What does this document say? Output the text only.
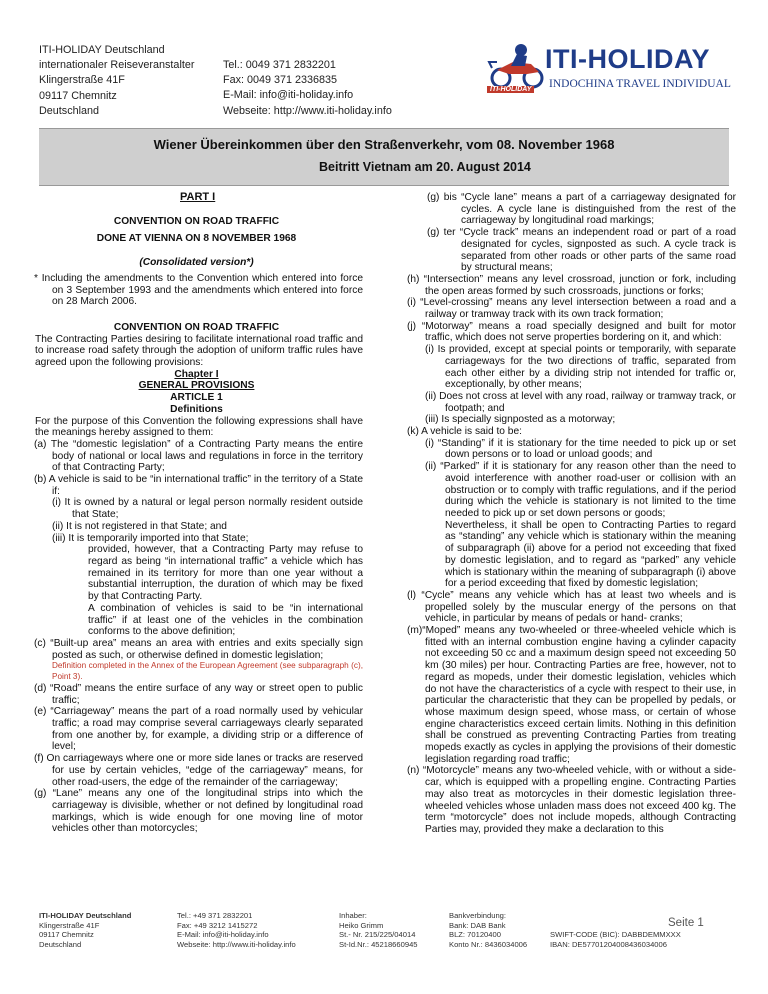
ITI-HOLIDAY Deutschland
internationaler Reiseveranstalter
Klingerstraße 41F
09117 Chemnitz
Deutschland
Tel.: 0049 371 2832201
Fax: 0049 371 2336835
E-Mail: info@iti-holiday.info
Webseite: http://www.iti-holiday.info
ITI-HOLIDAY
ITI-HOLIDAY INDOCHINA TRAVEL INDIVIDUAL
Wiener Übereinkommen über den Straßenverkehr, vom 08. November 1968
Beitritt Vietnam am 20. August 2014

PART I

CONVENTION ON ROAD TRAFFIC

DONE AT VIENNA ON 8 NOVEMBER 1968

(Consolidated version*)

* Including the amendments to the Convention which entered into force on 3 September 1993 and the amendments which entered into force on 28 March 2006.

CONVENTION ON ROAD TRAFFIC

The Contracting Parties desiring to facilitate international road traffic and to increase road safety through the adoption of uniform traffic rules have agreed upon the following provisions:

Chapter I

GENERAL PROVISIONS

ARTICLE 1

Definitions

For the purpose of this Convention the following expressions shall have the meanings hereby assigned to them:

(a) The “domestic legislation” of a Contracting Party means the entire body of national or local laws and regulations in force in the territory of that Contracting Party;

(b) A vehicle is said to be “in international traffic” in the territory of a State if:

(i) It is owned by a natural or legal person normally resident outside that State;

(ii) It is not registered in that State; and

(iii) It is temporarily imported into that State;

provided, however, that a Contracting Party may refuse to regard as being “in international traffic” a vehicle which has remained in its territory for more than one year without a substantial interruption, the duration of which may be fixed by that Contracting Party.

A combination of vehicles is said to be “in international traffic” if at least one of the vehicles in the combination conforms to the above definition;

(c) “Built-up area” means an area with entries and exits specially sign posted as such, or otherwise defined in domestic legislation;

Definition completed in the Annex of the European Agreement (see subparagraph (c), Point 3).

(d) “Road” means the entire surface of any way or street open to public traffic;

(e) “Carriageway” means the part of a road normally used by vehicular traffic; a road may comprise several carriageways clearly separated from one another by, for example, a dividing strip or a difference of level;

(f) On carriageways where one or more side lanes or tracks are reserved for use by certain vehicles, “edge of the carriageway” means, for other road-users, the edge of the remainder of the carriageway;

(g) “Lane” means any one of the longitudinal strips into which the carriageway is divisible, whether or not defined by longitudinal road markings, which is wide enough for one moving line of motor vehicles other than motorcycles;

(g) bis “Cycle lane” means a part of a carriageway designated for cycles. A cycle lane is distinguished from the rest of the carriageway by longitudinal road markings;

(g) ter “Cycle track” means an independent road or part of a road designated for cycles, signposted as such. A cycle track is separated from other roads or other parts of the same road by structural means;

(h) “Intersection” means any level crossroad, junction or fork, including the open areas formed by such crossroads, junctions or forks;

(i) “Level-crossing” means any level intersection between a road and a railway or tramway track with its own track formation;

(j) “Motorway” means a road specially designed and built for motor traffic, which does not serve properties bordering on it, and which:

(i) Is provided, except at special points or temporarily, with separate carriageways for the two directions of traffic, separated from each other either by a dividing strip not intended for traffic or, exceptionally, by other means;

(ii) Does not cross at level with any road, railway or tramway track, or footpath; and

(iii) Is specially signposted as a motorway;

(k) A vehicle is said to be:

(i) “Standing” if it is stationary for the time needed to pick up or set down persons or to load or unload goods; and

(ii) “Parked” if it is stationary for any reason other than the need to avoid interference with another road-user or collision with an obstruction or to comply with traffic regulations, and if the period during which the vehicle is stationary is not limited to the time needed to pick up or set down persons or goods;

Nevertheless, it shall be open to Contracting Parties to regard as “standing” any vehicle which is stationary within the meaning of subparagraph (ii) above for a period not exceeding that fixed by domestic legislation, and to regard as “parked” any vehicle which is stationary within the meaning of subparagraph (i) above for a period exceeding that fixed by domestic legislation;

(l) “Cycle” means any vehicle which has at least two wheels and is propelled solely by the muscular energy of the persons on that vehicle, in particular by means of pedals or hand- cranks;

(m)“Moped” means any two-wheeled or three-wheeled vehicle which is fitted with an internal combustion engine having a cylinder capacity not exceeding 50 cc and a maximum design speed not exceeding 50 km (30 miles) per hour. Contracting Parties are free, however, not to regard as mopeds, under their domestic legislation, vehicles which do not have the characteristics of a cycle with respect to their use, in particular the characteristic that they can be propelled by pedals, or whose maximum design speed, whose mass, or certain of whose engine characteristics exceed certain limits. Nothing in this definition shall be construed as preventing Contracting Parties from treating mopeds exactly as cycles in applying the provisions of their domestic legislation regarding road traffic;

(n) “Motorcycle” means any two-wheeled vehicle, with or without a side-car, which is equipped with a propelling engine. Contracting Parties may also treat as motorcycles in their domestic legislation three-wheeled vehicles whose unladen mass does not exceed 400 kg. The term “motorcycle” does not include mopeds, although Contracting Parties may, provided they make a declaration to this

ITI-HOLIDAY Deutschland
Klingerstraße 41F
09117 Chemnitz
Deutschland
Tel.: +49 371 2832201
Fax: +49 3212 1415272
E-Mail: info@iti-holiday.info
Webseite: http://www.iti-holiday.info
Inhaber:
Heiko Grimm
St.- Nr. 215/225/04014
St-Id.Nr.: 45218660945
Bankverbindung:
Bank: DAB Bank
BLZ: 70120400
Konto Nr.: 8436034006
SWIFT-CODE (BIC): DABBDEMMXXX
IBAN: DE57701204008436034006
Seite 1
